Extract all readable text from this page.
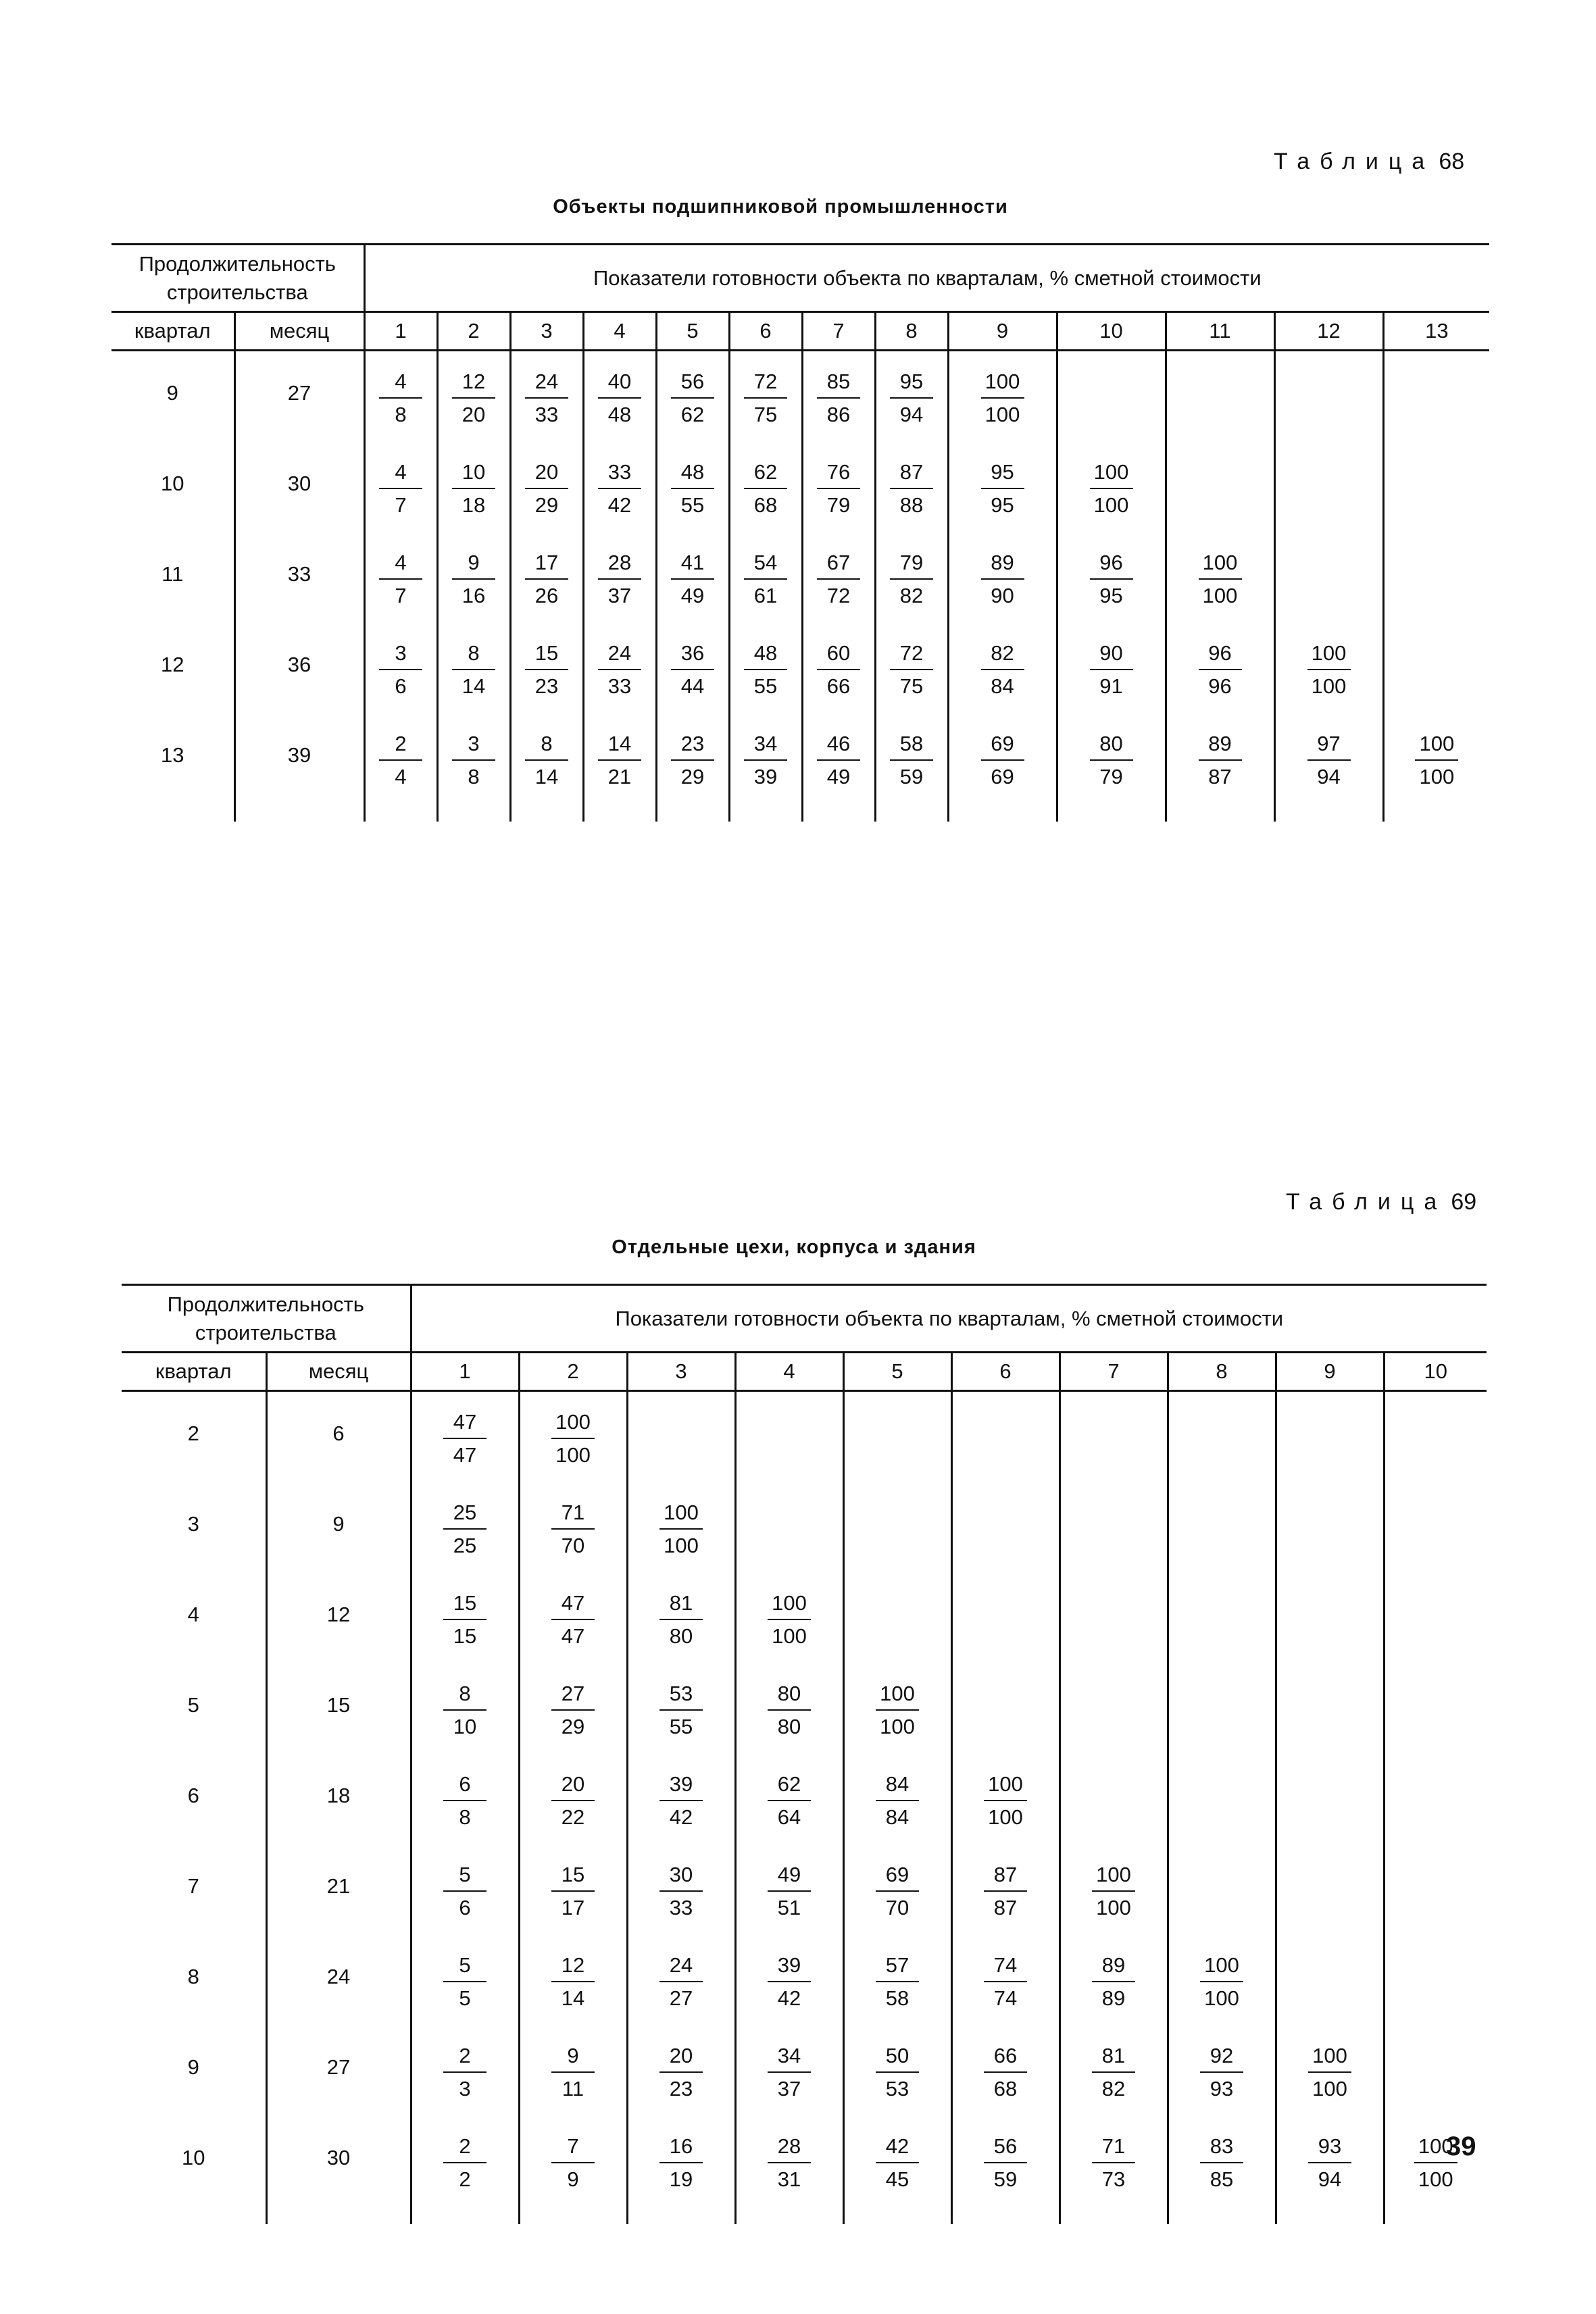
Таблица 68
Объекты подшипниковой промышленности
Продолжительность строительства		Показатели готовности объекта по кварталам, % сметной стоимости												
квартал	месяц	1	2	3	4	5	6	7	8	9	10	11	12	13

9	27	$\frac{4}{8}$	$\frac{12}{20}$	$\frac{24}{33}$	$\frac{40}{48}$	$\frac{56}{62}$	$\frac{72}{75}$	$\frac{85}{86}$	$\frac{95}{94}$	$\frac{100}{100}$

10	30	$\frac{4}{7}$	$\frac{10}{18}$	$\frac{20}{29}$	$\frac{33}{42}$	$\frac{48}{55}$	$\frac{62}{68}$	$\frac{76}{79}$	$\frac{87}{88}$	$\frac{95}{95}$	$\frac{100}{100}$

11	33	$\frac{4}{7}$	$\frac{9}{16}$	$\frac{17}{26}$	$\frac{28}{37}$	$\frac{41}{49}$	$\frac{54}{61}$	$\frac{67}{72}$	$\frac{79}{82}$	$\frac{89}{90}$	$\frac{96}{95}$	$\frac{100}{100}$

12	36	$\frac{3}{6}$	$\frac{8}{14}$	$\frac{15}{23}$	$\frac{24}{33}$	$\frac{36}{44}$	$\frac{48}{55}$	$\frac{60}{66}$	$\frac{72}{75}$	$\frac{82}{84}$	$\frac{90}{91}$	$\frac{96}{96}$	$\frac{100}{100}$

13	39	$\frac{2}{4}$	$\frac{3}{8}$	$\frac{8}{14}$	$\frac{14}{21}$	$\frac{23}{29}$	$\frac{34}{39}$	$\frac{46}{49}$	$\frac{58}{59}$	$\frac{69}{69}$	$\frac{80}{79}$	$\frac{89}{87}$	$\frac{97}{94}$	$\frac{100}{100}$
Таблица 69
Отдельные цехи, корпуса и здания
Продолжительность строительства		Показатели готовности объекта по кварталам, % сметной стоимости									
квартал	месяц	1	2	3	4	5	6	7	8	9	10

2	6	$\frac{47}{47}$	$\frac{100}{100}$

3	9	$\frac{25}{25}$	$\frac{71}{70}$	$\frac{100}{100}$

4	12	$\frac{15}{15}$	$\frac{47}{47}$	$\frac{81}{80}$	$\frac{100}{100}$

5	15	$\frac{8}{10}$	$\frac{27}{29}$	$\frac{53}{55}$	$\frac{80}{80}$	$\frac{100}{100}$

6	18	$\frac{6}{8}$	$\frac{20}{22}$	$\frac{39}{42}$	$\frac{62}{64}$	$\frac{84}{84}$	$\frac{100}{100}$

7	21	$\frac{5}{6}$	$\frac{15}{17}$	$\frac{30}{33}$	$\frac{49}{51}$	$\frac{69}{70}$	$\frac{87}{87}$	$\frac{100}{100}$

8	24	$\frac{5}{5}$	$\frac{12}{14}$	$\frac{24}{27}$	$\frac{39}{42}$	$\frac{57}{58}$	$\frac{74}{74}$	$\frac{89}{89}$	$\frac{100}{100}$

9	27	$\frac{2}{3}$	$\frac{9}{11}$	$\frac{20}{23}$	$\frac{34}{37}$	$\frac{50}{53}$	$\frac{66}{68}$	$\frac{81}{82}$	$\frac{92}{93}$	$\frac{100}{100}$

10	30	$\frac{2}{2}$	$\frac{7}{9}$	$\frac{16}{19}$	$\frac{28}{31}$	$\frac{42}{45}$	$\frac{56}{59}$	$\frac{71}{73}$	$\frac{83}{85}$	$\frac{93}{94}$	$\frac{100}{100}$
39
